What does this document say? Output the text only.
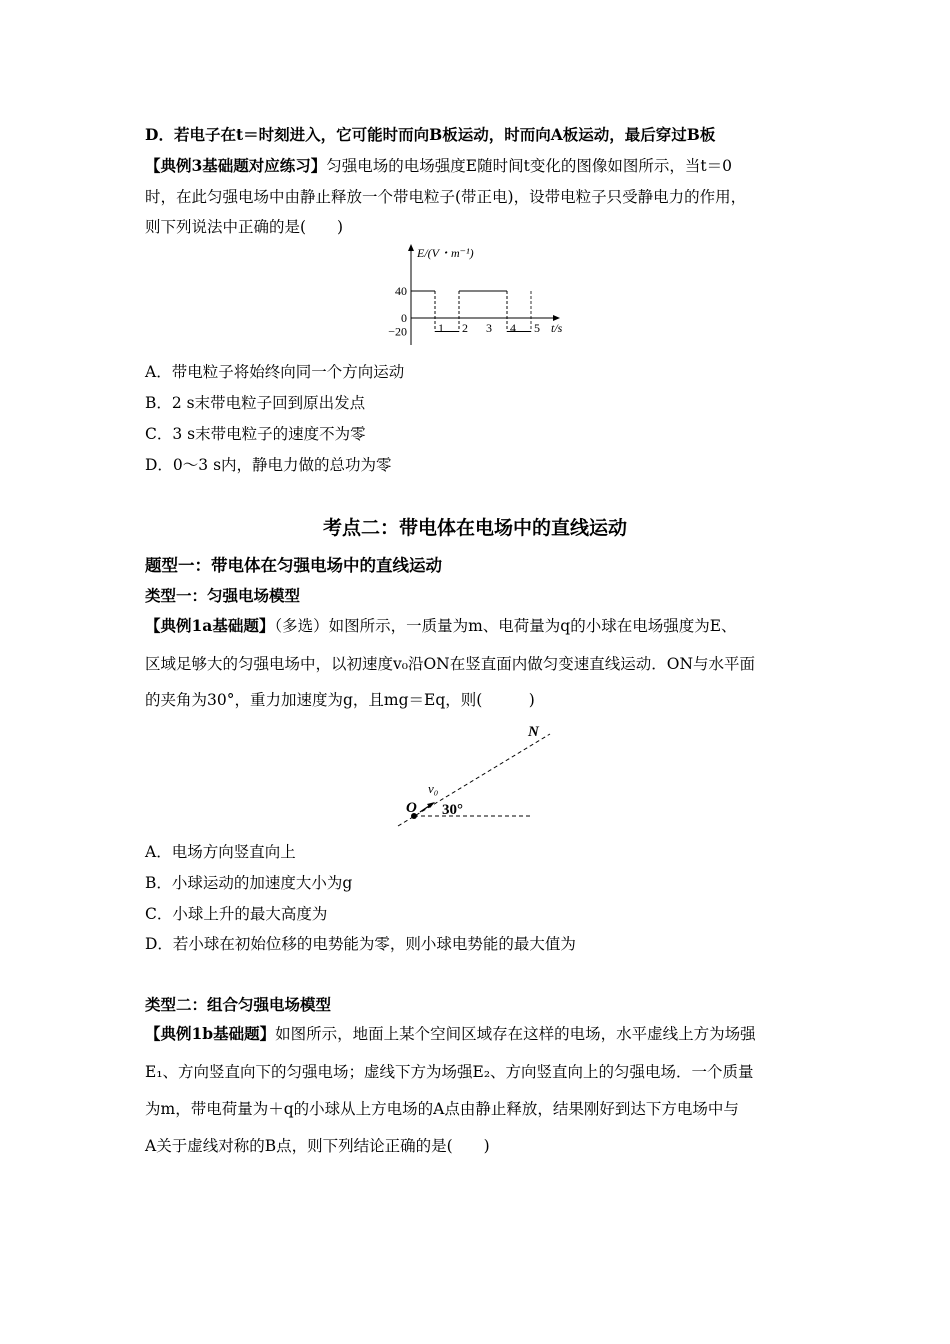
D．若电子在t＝时刻进入，它可能时而向B板运动，时而向A板运动，最后穿过B板
【典例3基础题对应练习】匀强电场的电场强度E随时间t变化的图像如图所示，当t＝0
时，在此匀强电场中由静止释放一个带电粒子(带正电)，设带电粒子只受静电力的作用，
则下列说法中正确的是(　　)
E/(V・m⁻¹)
t/s
1 2 3 4 5
40
0
−20
A．带电粒子将始终向同一个方向运动
B．2 s末带电粒子回到原出发点
C．3 s末带电粒子的速度不为零
D．0～3 s内，静电力做的总功为零
考点二：带电体在电场中的直线运动
题型一：带电体在匀强电场中的直线运动
类型一：匀强电场模型
【典例1a基础题】（多选）如图所示，一质量为m、电荷量为q的小球在电场强度为E、
区域足够大的匀强电场中，以初速度v₀沿ON在竖直面内做匀变速直线运动．ON与水平面
的夹角为30°，重力加速度为g，且mg＝Eq，则(　　　)
N
O
v₀
30°
A．电场方向竖直向上
B．小球运动的加速度大小为g
C．小球上升的最大高度为
D．若小球在初始位移的电势能为零，则小球电势能的最大值为
类型二：组合匀强电场模型
【典例1b基础题】如图所示，地面上某个空间区域存在这样的电场，水平虚线上方为场强
E₁、方向竖直向下的匀强电场；虚线下方为场强E₂、方向竖直向上的匀强电场．一个质量
为m，带电荷量为＋q的小球从上方电场的A点由静止释放，结果刚好到达下方电场中与
A关于虚线对称的B点，则下列结论正确的是(　　)
